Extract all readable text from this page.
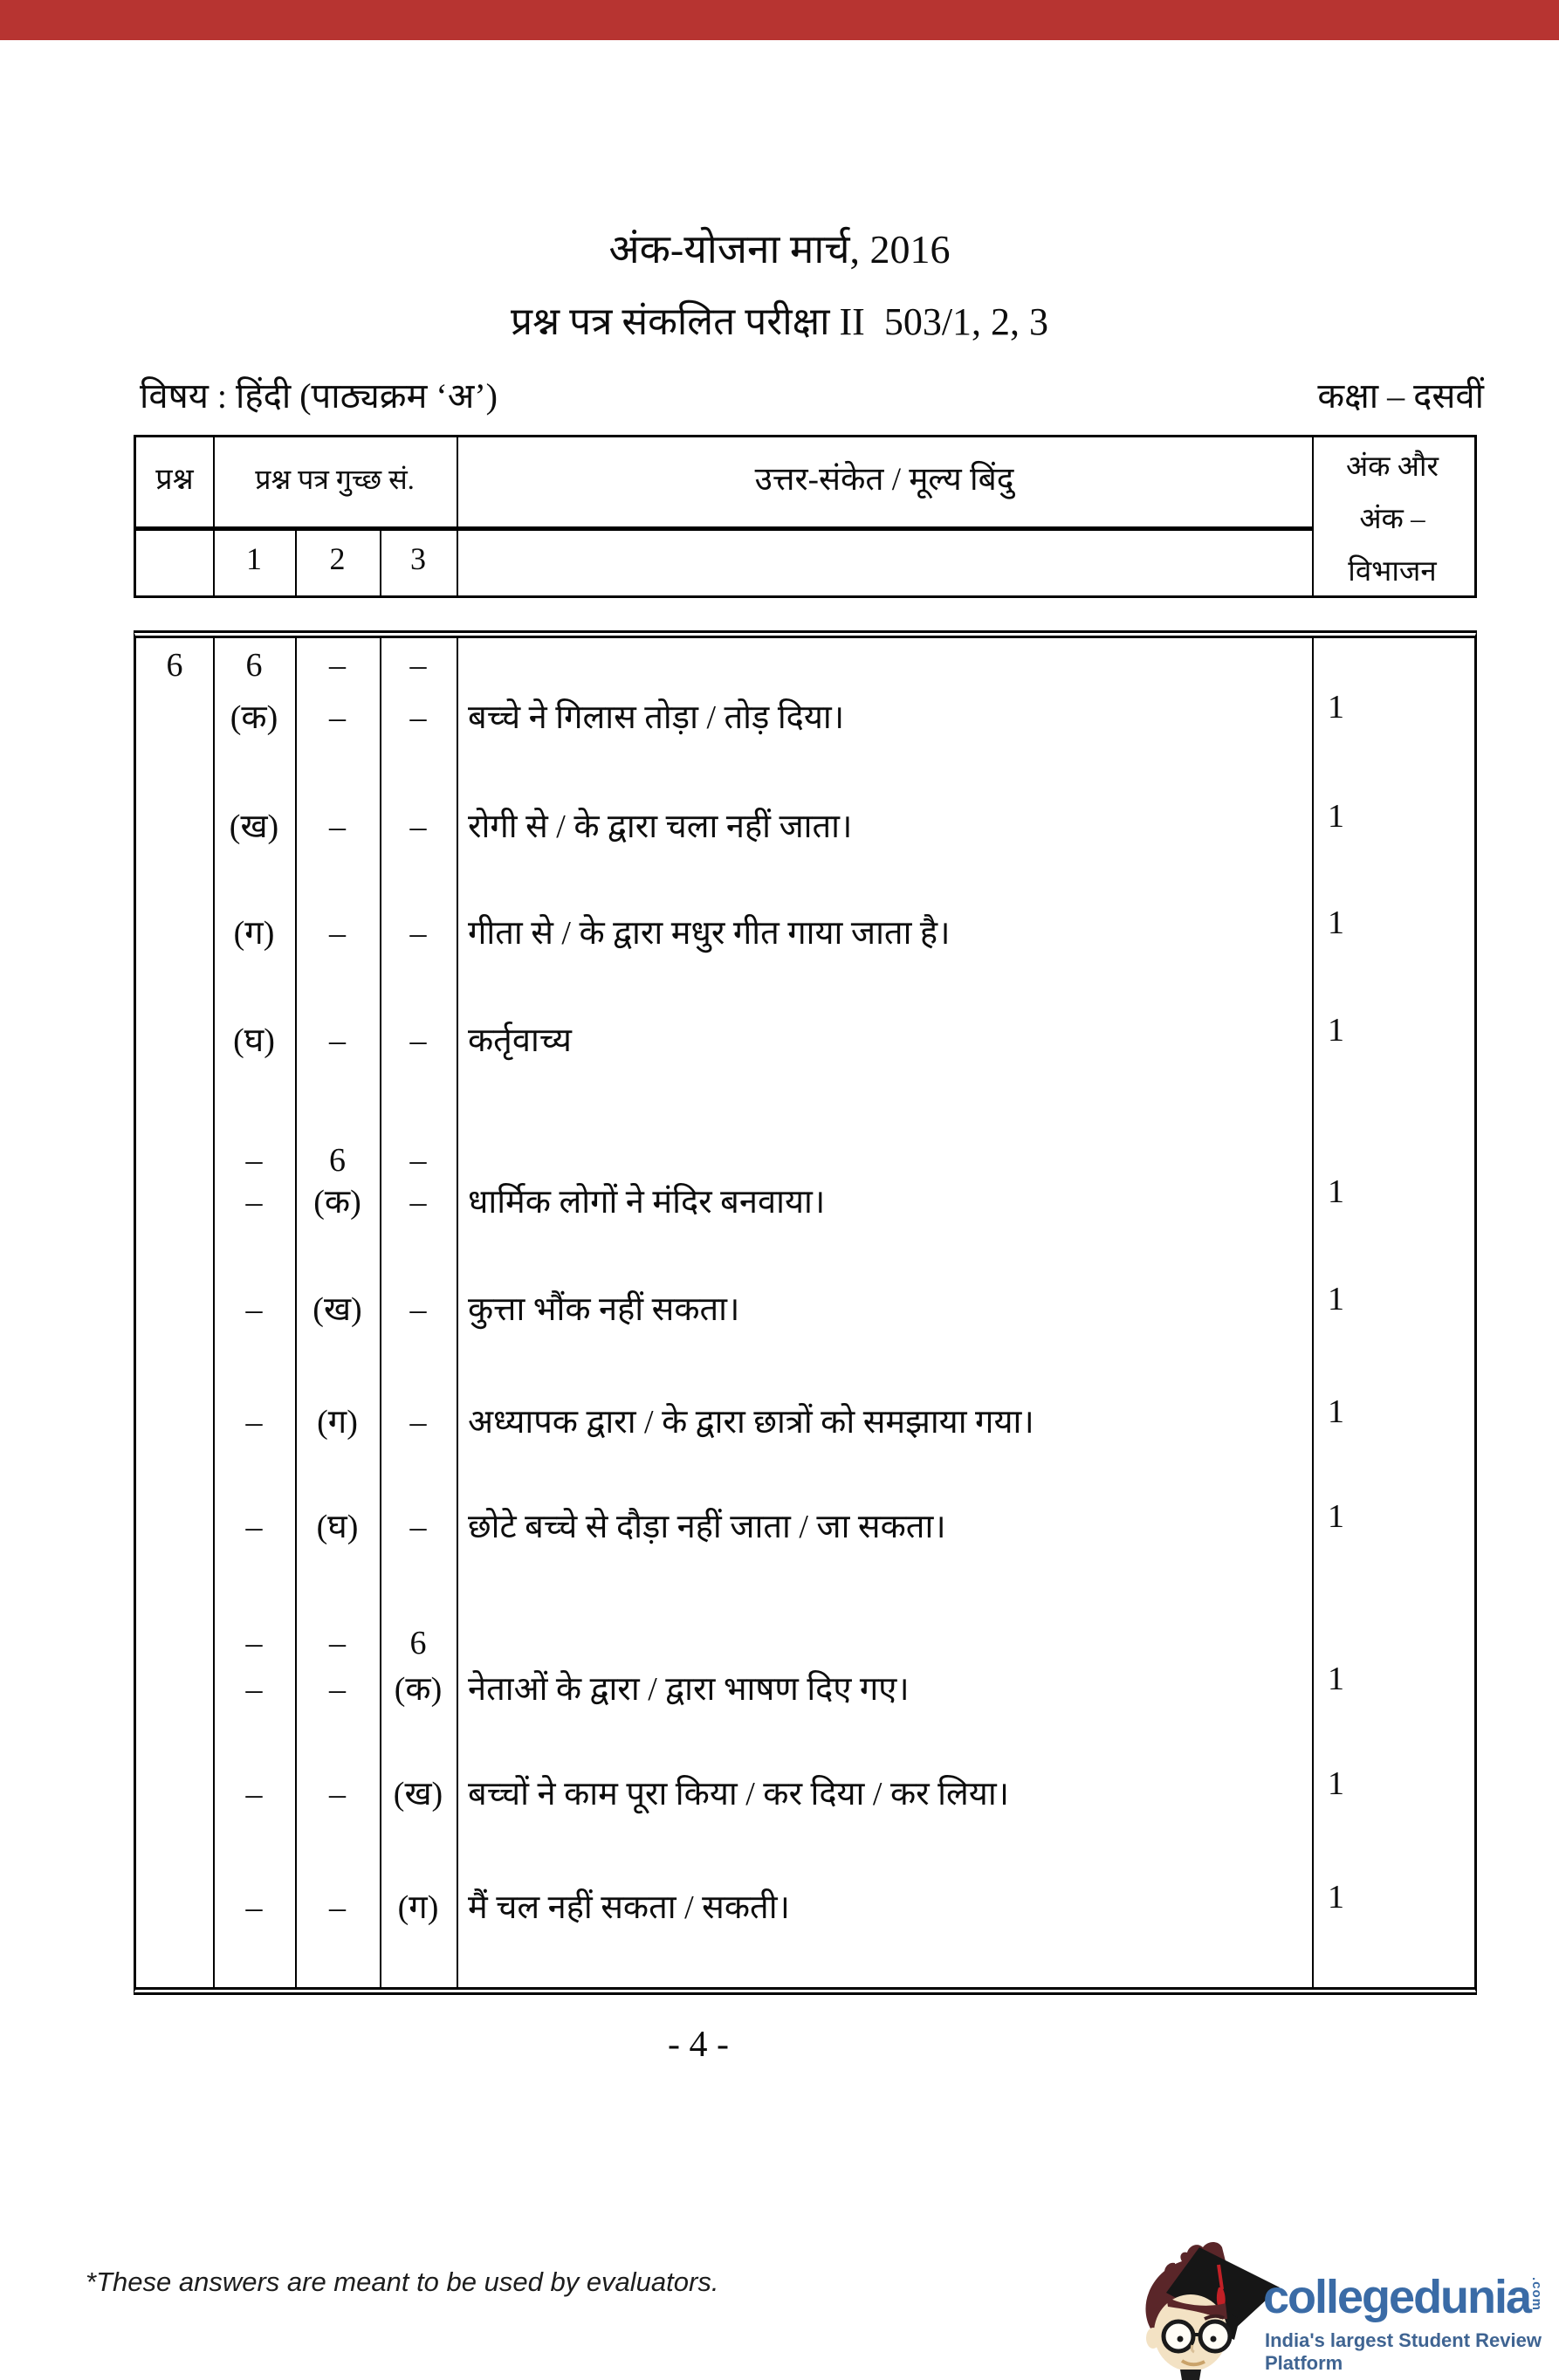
अंक-योजना मार्च, 2016
प्रश्न पत्र संकलित परीक्षा II  503/1, 2, 3
विषय : हिंदी (पाठ्यक्रम ‘अ’)	कक्षा – दसवीं
प्रश्न	प्रश्न पत्र गुच्छ सं.	उत्तर-संकेत / मूल्य बिंदु	अंक और
अंक –
विभाजन
1	2	3
6	6	–	–
(क)	–	–	बच्चे ने गिलास तोड़ा / तोड़ दिया।	1
(ख)	–	–	रोगी से / के द्वारा चला नहीं जाता।	1
(ग)	–	–	गीता से / के द्वारा मधुर गीत गाया जाता है।	1
(घ)	–	–	कर्तृवाच्य	1
–	6	–
–	(क)	–	धार्मिक लोगों ने मंदिर बनवाया।	1
–	(ख)	–	कुत्ता भौंक नहीं सकता।	1
–	(ग)	–	अध्यापक द्वारा / के द्वारा छात्रों को समझाया गया।	1
–	(घ)	–	छोटे बच्चे से दौड़ा नहीं जाता / जा सकता।	1
–	–	6
–	–	(क) नेताओं के द्वारा / द्वारा भाषण दिए गए।	1
–	–	(ख) बच्चों ने काम पूरा किया / कर दिया / कर लिया।	1
–	–	(ग) मैं चल नहीं सकता / सकती।	1
- 4 -
*These answers are meant to be used by evaluators.	collegedunia
.com
India's largest Student Review Platform
